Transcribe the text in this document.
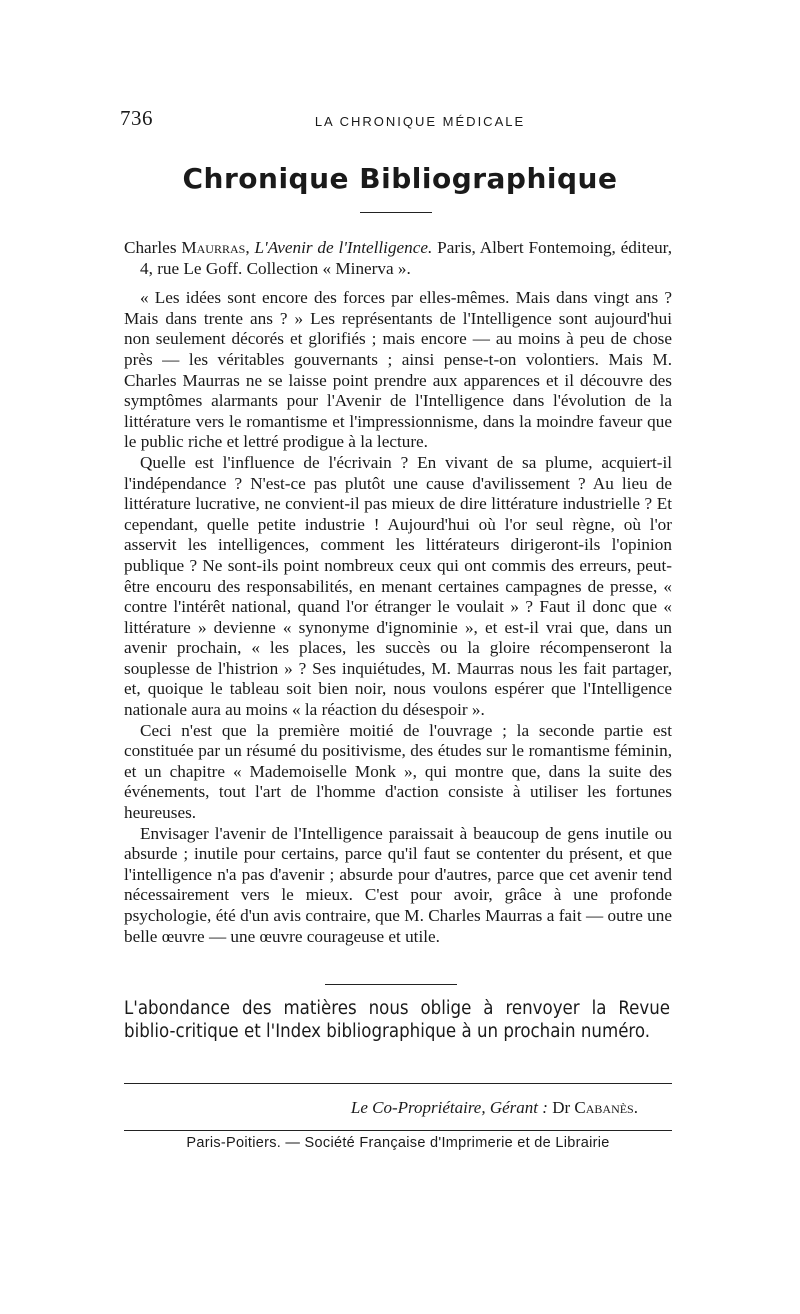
736	LA CHRONIQUE MÉDICALE
Chronique Bibliographique

Charles Maurras, L'Avenir de l'Intelligence. Paris, Albert Fontemoing, éditeur, 4, rue Le Goff. Collection « Minerva ».

« Les idées sont encore des forces par elles-mêmes. Mais dans vingt ans ? Mais dans trente ans ? » Les représentants de l'Intelligence sont aujourd'hui non seulement décorés et glorifiés ; mais encore — au moins à peu de chose près — les véritables gouvernants ; ainsi pense-t-on volontiers. Mais M. Charles Maurras ne se laisse point prendre aux apparences et il découvre des symptômes alarmants pour l'Avenir de l'Intelligence dans l'évolution de la littérature vers le romantisme et l'impressionnisme, dans la moindre faveur que le public riche et lettré prodigue à la lecture.

Quelle est l'influence de l'écrivain ? En vivant de sa plume, acquiert-il l'indépendance ? N'est-ce pas plutôt une cause d'avilissement ? Au lieu de littérature lucrative, ne convient-il pas mieux de dire littérature industrielle ? Et cependant, quelle petite industrie ! Aujourd'hui où l'or seul règne, où l'or asservit les intelligences, comment les littérateurs dirigeront-ils l'opinion publique ? Ne sont-ils point nombreux ceux qui ont commis des erreurs, peut-être encouru des responsabilités, en menant certaines campagnes de presse, « contre l'intérêt national, quand l'or étranger le voulait » ? Faut il donc que « littérature » devienne « synonyme d'ignominie », et est-il vrai que, dans un avenir prochain, « les places, les succès ou la gloire récompenseront la souplesse de l'histrion » ? Ses inquiétudes, M. Maurras nous les fait partager, et, quoique le tableau soit bien noir, nous voulons espérer que l'Intelligence nationale aura au moins « la réaction du désespoir ».

Ceci n'est que la première moitié de l'ouvrage ; la seconde partie est constituée par un résumé du positivisme, des études sur le romantisme féminin, et un chapitre « Mademoiselle Monk », qui montre que, dans la suite des événements, tout l'art de l'homme d'action consiste à utiliser les fortunes heureuses.

Envisager l'avenir de l'Intelligence paraissait à beaucoup de gens inutile ou absurde ; inutile pour certains, parce qu'il faut se contenter du présent, et que l'intelligence n'a pas d'avenir ; absurde pour d'autres, parce que cet avenir tend nécessairement vers le mieux. C'est pour avoir, grâce à une profonde psychologie, été d'un avis contraire, que M. Charles Maurras a fait — outre une belle œuvre — une œuvre courageuse et utile.

L'abondance des matières nous oblige à renvoyer la Revue biblio-critique et l'Index bibliographique à un prochain numéro.
Le Co-Propriétaire, Gérant : Dr Cabanès.
Paris-Poitiers. — Société Française d'Imprimerie et de Librairie
